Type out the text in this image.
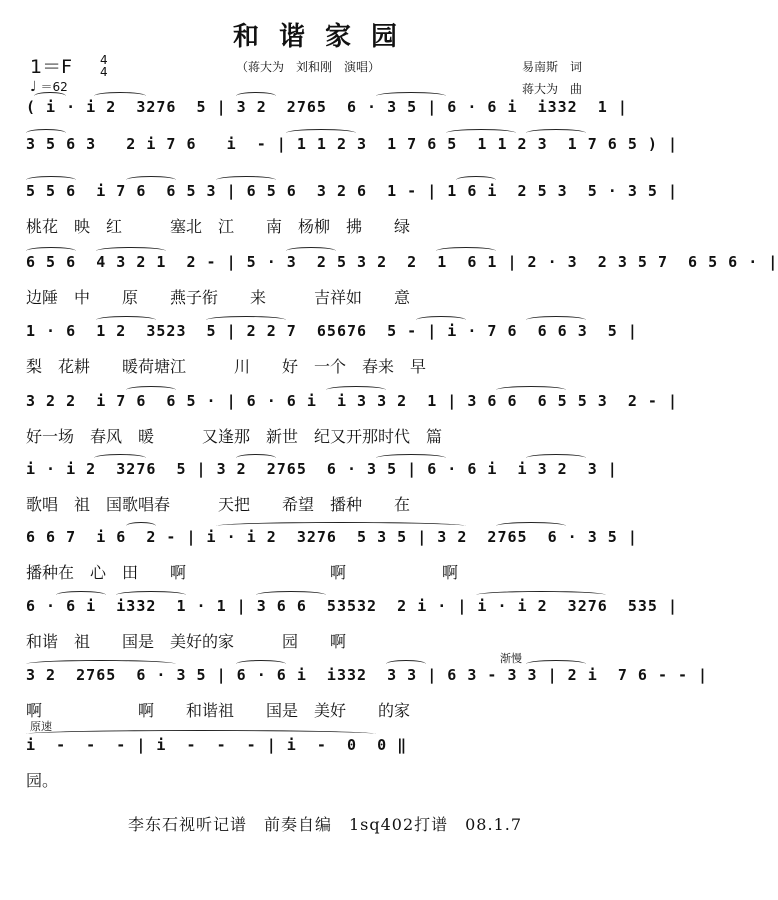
和谐家园
（蒋大为　刘和刚　演唱）	易南斯　词
蒋大为　曲
1＝F 4
4
♩ ＝62
( i · i 2  3276  5 | 3 2  2765  6 · 3 5 | 6 · 6 i  i332  1 |
3 5 6 3   2 i 7 6   i  - | 1 1 2 3  1 7 6 5  1 1 2 3  1 7 6 5 ) |
5 5 6  i 7 6  6 5 3 | 6 5 6  3 2 6  1 - | 1 6 i  2 5 3  5 · 3 5 |
桃花　映　红　　　塞北　江　　南　杨柳　拂　　绿
6 5 6  4 3 2 1  2 - | 5 · 3  2 5 3 2  2  1  6 1 | 2 · 3  2 3 5 7  6 5 6 · |
边陲　中　　原　　燕子衔　　来　　　吉祥如　　意
1 · 6  1 2  3523  5 | 2 2 7  65676  5 - | i · 7 6  6 6 3  5 |
梨　花耕　　暖荷塘江　　　川　　好　一个　春来　早
3 2 2  i 7 6  6 5 · | 6 · 6 i  i 3 3 2  1 | 3 6 6  6 5 5 3  2 - |
好一场　春风　暖　　　又逢那　新世　纪又开那时代　篇
i · i 2  3276  5 | 3 2  2765  6 · 3 5 | 6 · 6 i  i 3 2  3 |
歌唱　祖　国歌唱春　　　天把　　希望　播种　　在
6 6 7  i 6  2 - | i · i 2  3276  5 3 5 | 3 2  2765  6 · 3 5 |
播种在　心　田　　啊　　　　　　　　　啊　　　　　　啊
6 · 6 i  i332  1 · 1 | 3 6 6  53532  2 i · | i · i 2  3276  535 |
和谐　祖　　国是　美好的家　　　园　　啊
3 2  2765  6 · 3 5 | 6 · 6 i  i332  3 3 | 6 3 - 3 3 | 2 i  7 6 - - |
啊　　　　　　啊　　和谐祖　　国是　美好　　的家
i  -  -  - | i  -  -  - | i  -  0  0 ‖
园。
渐慢
原速
李东石视听记谱　前奏自编　1sq402打谱　08.1.7
